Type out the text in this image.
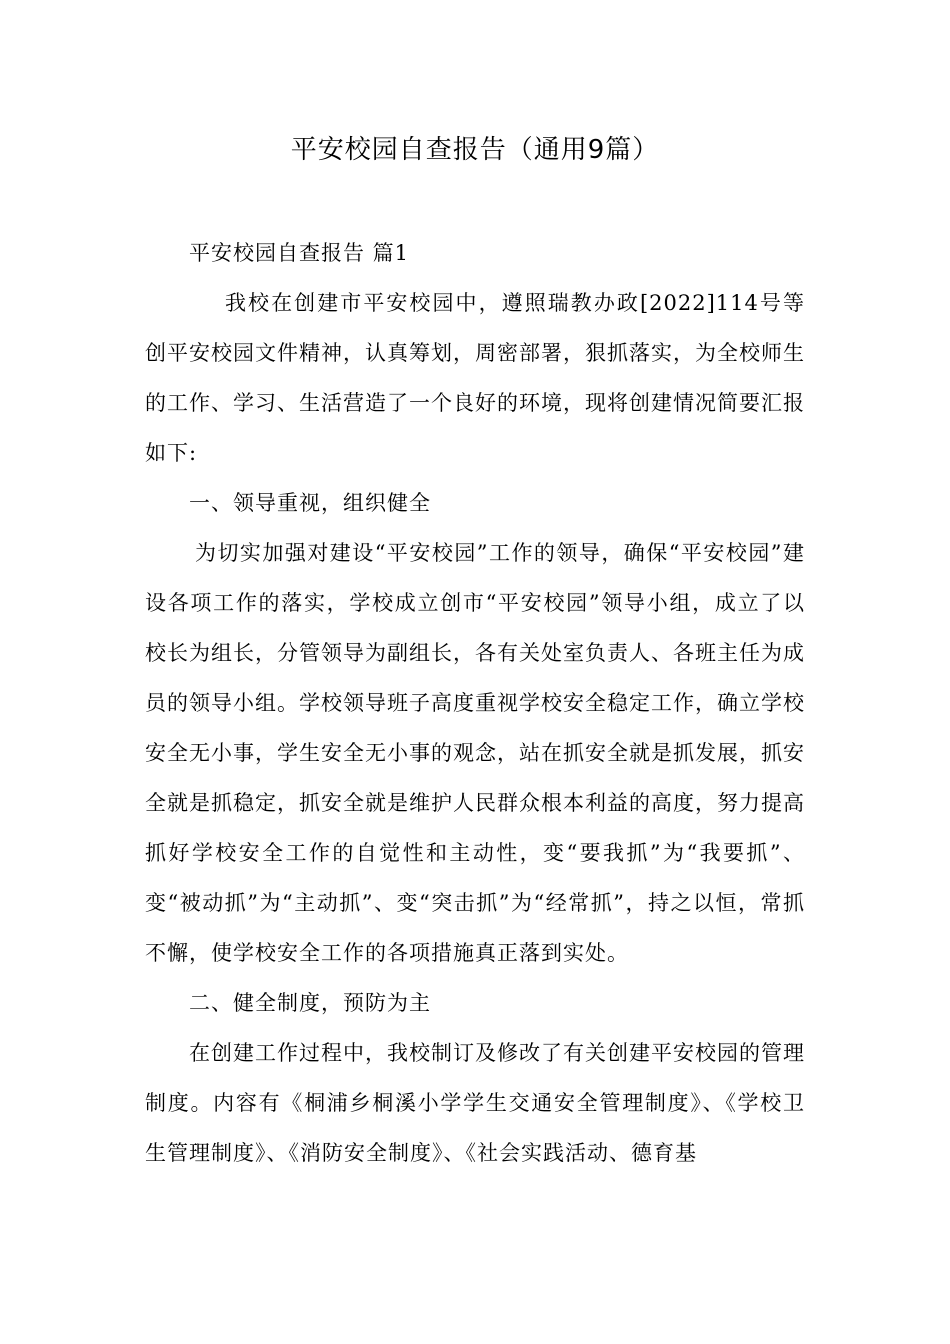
平安校园自查报告（通用9篇）

平安校园自查报告 篇1

我校在创建市平安校园中，遵照瑞教办政[2022]114号等创平安校园文件精神，认真筹划，周密部署，狠抓落实，为全校师生的工作、学习、生活营造了一个良好的环境，现将创建情况简要汇报如下:

一、领导重视，组织健全

为切实加强对建设“平安校园”工作的领导，确保“平安校园”建设各项工作的落实，学校成立创市“平安校园”领导小组，成立了以校长为组长，分管领导为副组长，各有关处室负责人、各班主任为成员的领导小组。学校领导班子高度重视学校安全稳定工作，确立学校安全无小事，学生安全无小事的观念，站在抓安全就是抓发展，抓安全就是抓稳定，抓安全就是维护人民群众根本利益的高度，努力提高抓好学校安全工作的自觉性和主动性，变“要我抓”为“我要抓”、变“被动抓”为“主动抓”、变“突击抓”为“经常抓”，持之以恒，常抓不懈，使学校安全工作的各项措施真正落到实处。

二、健全制度，预防为主

在创建工作过程中，我校制订及修改了有关创建平安校园的管理制度。内容有《桐浦乡桐溪小学学生交通安全管理制度》、《学校卫生管理制度》、《消防安全制度》、《社会实践活动、德育基
